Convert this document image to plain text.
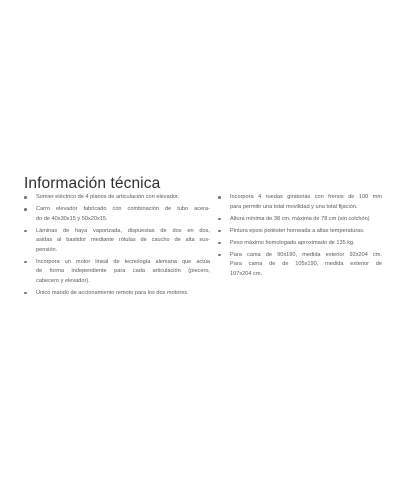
Información técnica
Somier eléctrico de 4 planos de articulación con elevador.
Carro elevador fabricado con combinación de tubo acera-
do de 40x30x15 y 50x20x15.
Láminas de haya vaporizada, dispuestas de dos en dos,
asidas al bastidor mediante rótulas de caucho de alta sus-
pensión.
Incorpora un motor lineal de tecnología alemana que actúa
de forma independiente para cada articulación (piecero,
cabecero y elevador).
Único mando de accionamiento remoto para los dos motores.
Incorpora 4 ruedas giratorias con frenos de 100 mm
para permitir una total movilidad y una total fijación.
Altura mínima de 38 cm, máxima de 78 cm (sin colchón)
Pintura epoxi poliéster horneada a altas temperaturas.
Peso máximo homologado aproximado de 135 kg.
Para cama de 90x190, medida exterior 92x204 cm.
Para cama de de 105x190, medida exterior de
107x204 cm.
